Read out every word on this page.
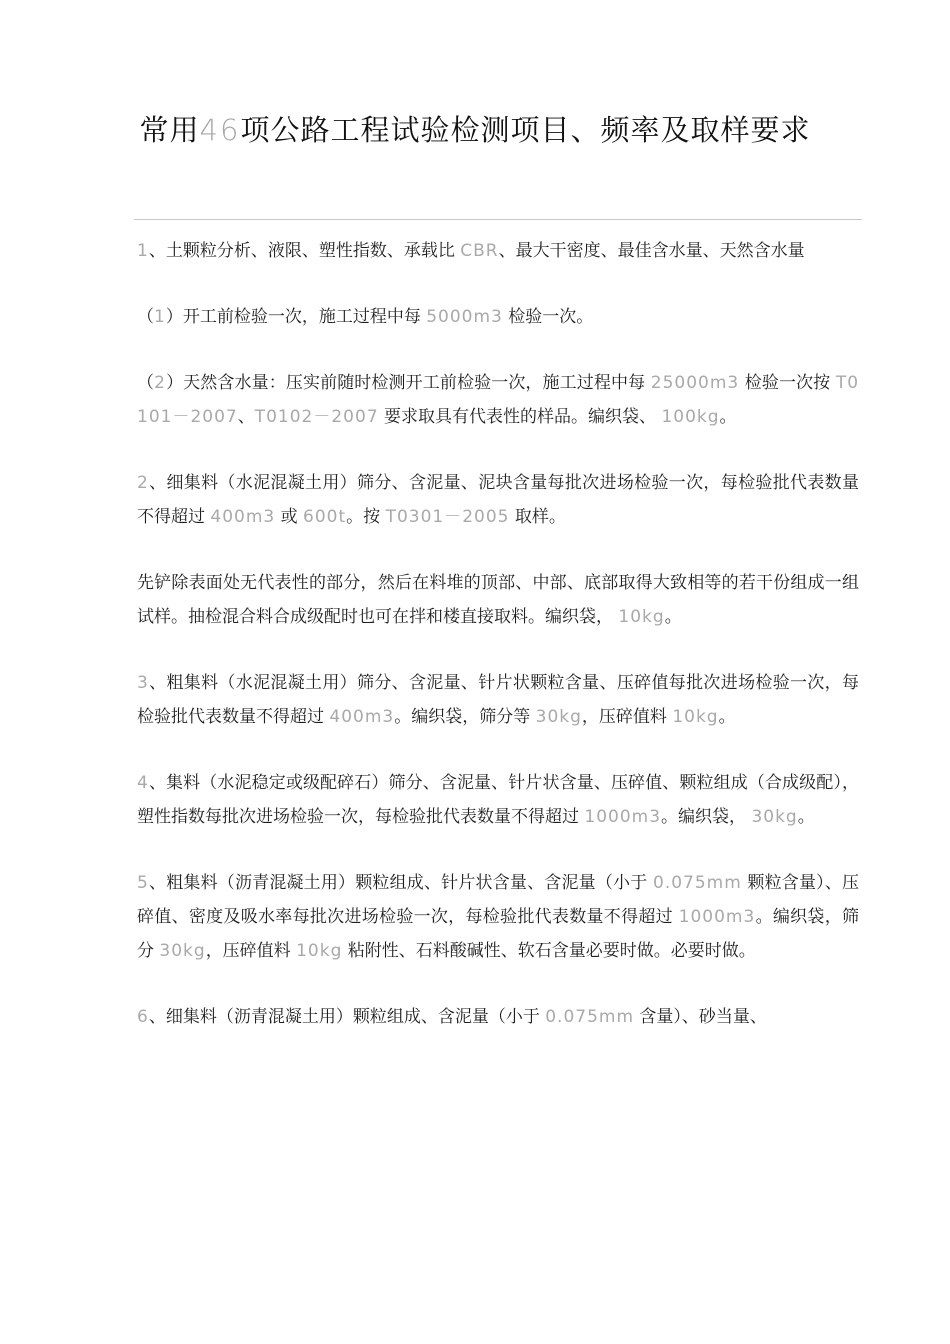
常用46项公路工程试验检测项目、频率及取样要求

1、土颗粒分析、液限、塑性指数、承载比 CBR、最大干密度、最佳含水量、天然含水量

（1）开工前检验一次，施工过程中每 5000m3 检验一次。

（2）天然含水量：压实前随时检测开工前检验一次，施工过程中每 25000m3 检验一次按 T0101－2007、T0102－2007 要求取具有代表性的样品。编织袋、 100kg。

2、细集料（水泥混凝土用）筛分、含泥量、泥块含量每批次进场检验一次，每检验批代表数量不得超过 400m3 或 600t。按 T0301－2005 取样。

先铲除表面处无代表性的部分，然后在料堆的顶部、中部、底部取得大致相等的若干份组成一组试样。抽检混合料合成级配时也可在拌和楼直接取料。编织袋， 10kg。

3、粗集料（水泥混凝土用）筛分、含泥量、针片状颗粒含量、压碎值每批次进场检验一次，每检验批代表数量不得超过 400m3。编织袋，筛分等 30kg，压碎值料 10kg。

4、集料（水泥稳定或级配碎石）筛分、含泥量、针片状含量、压碎值、颗粒组成（合成级配），塑性指数每批次进场检验一次，每检验批代表数量不得超过 1000m3。编织袋， 30kg。

5、粗集料（沥青混凝土用）颗粒组成、针片状含量、含泥量（小于 0.075mm 颗粒含量）、压碎值、密度及吸水率每批次进场检验一次，每检验批代表数量不得超过 1000m3。编织袋，筛分 30kg，压碎值料 10kg 粘附性、石料酸碱性、软石含量必要时做。必要时做。

6、细集料（沥青混凝土用）颗粒组成、含泥量（小于 0.075mm 含量）、砂当量、
